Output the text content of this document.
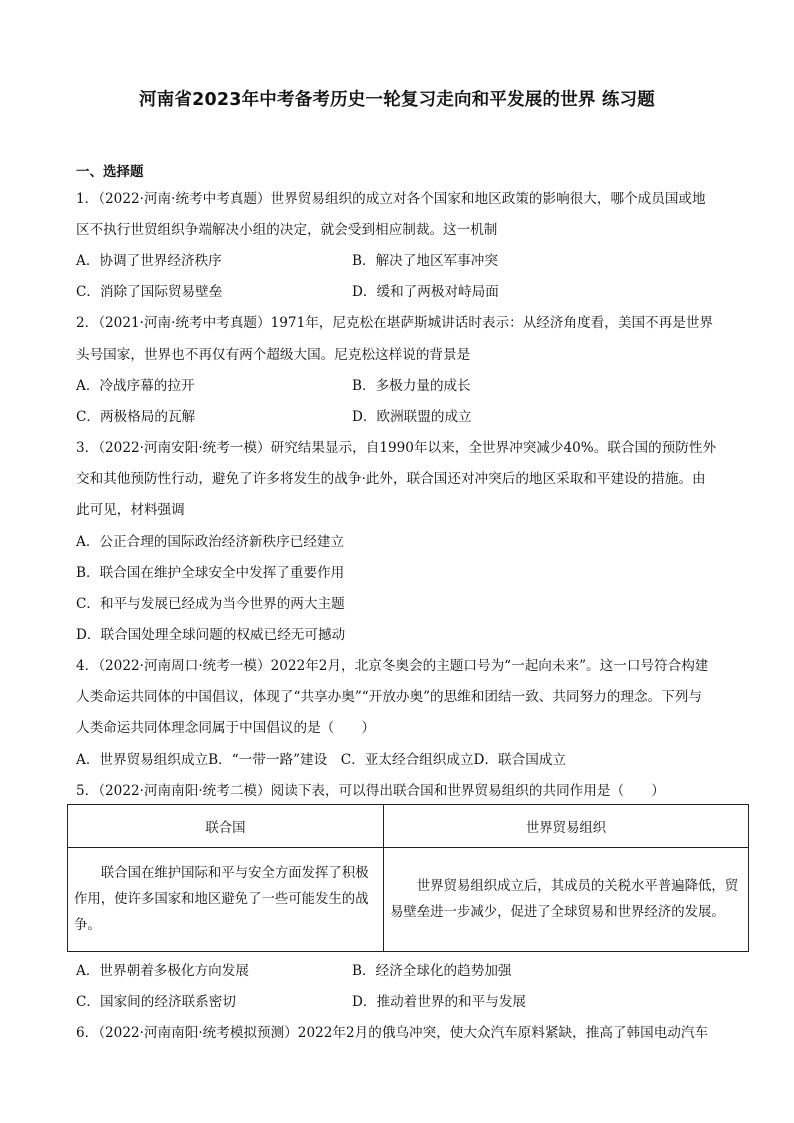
河南省2023年中考备考历史一轮复习走向和平发展的世界 练习题
一、选择题
1．（2022·河南·统考中考真题）世界贸易组织的成立对各个国家和地区政策的影响很大，哪个成员国或地
区不执行世贸组织争端解决小组的决定，就会受到相应制裁。这一机制
A．协调了世界经济秩序	B．解决了地区军事冲突
C．消除了国际贸易壁垒	D．缓和了两极对峙局面
2．（2021·河南·统考中考真题）1971年，尼克松在堪萨斯城讲话时表示：从经济角度看，美国不再是世界
头号国家，世界也不再仅有两个超级大国。尼克松这样说的背景是
A．冷战序幕的拉开	B．多极力量的成长
C．两极格局的瓦解	D．欧洲联盟的成立
3．（2022·河南安阳·统考一模）研究结果显示，自1990年以来，全世界冲突减少40%。联合国的预防性外
交和其他预防性行动，避免了许多将发生的战争·此外，联合国还对冲突后的地区采取和平建设的措施。由
此可见，材料强调
A．公正合理的国际政治经济新秩序已经建立
B．联合国在维护全球安全中发挥了重要作用
C．和平与发展已经成为当今世界的两大主题
D．联合国处理全球问题的权威已经无可撼动
4．（2022·河南周口·统考一模）2022年2月，北京冬奥会的主题口号为“一起向未来”。这一口号符合构建
人类命运共同体的中国倡议，体现了“共享办奥”“开放办奥”的思维和团结一致、共同努力的理念。下列与
人类命运共同体理念同属于中国倡议的是（　　）
A．世界贸易组织成立B．“一带一路”建设　C．亚太经合组织成立D．联合国成立
5．（2022·河南南阳·统考二模）阅读下表，可以得出联合国和世界贸易组织的共同作用是（　　）
联合国	世界贸易组织
联合国在维护国际和平与安全方面发挥了积极作用，使许多国家和地区避免了一些可能发生的战争。	世界贸易组织成立后，其成员的关税水平普遍降低，贸易壁垒进一步减少，促进了全球贸易和世界经济的发展。
A．世界朝着多极化方向发展	B．经济全球化的趋势加强
C．国家间的经济联系密切	D．推动着世界的和平与发展
6．（2022·河南南阳·统考模拟预测）2022年2月的俄乌冲突，使大众汽车原料紧缺，推高了韩国电动汽车
